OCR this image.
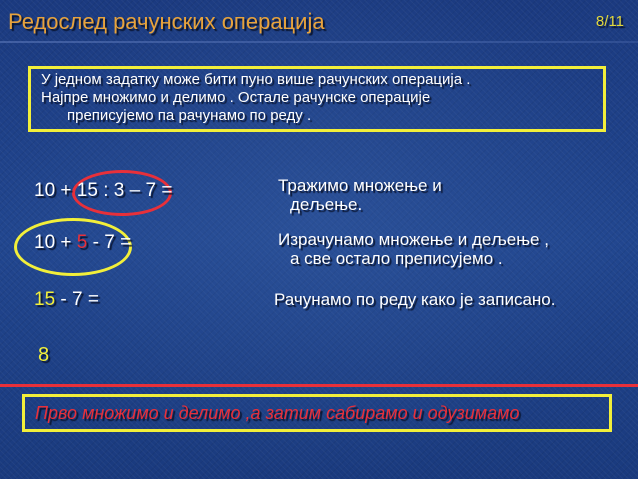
Редослед рачунских операција	8/11

У једном задатку може бити пуно више рачунских операција .

Најпре множимо и делимо . Остале рачунске операције

преписујемо па рачунамо по реду .

10 + 15 : 3 – 7 =
10 + 5 - 7 =
15 - 7 =
8
Тражимо множење и
дељење.
Израчунамо множење и дељење ,
а све остало преписујемо .
Рачунамо по реду како је записано.
Прво множимо и делимо ,а затим сабирамо и одузимамо
